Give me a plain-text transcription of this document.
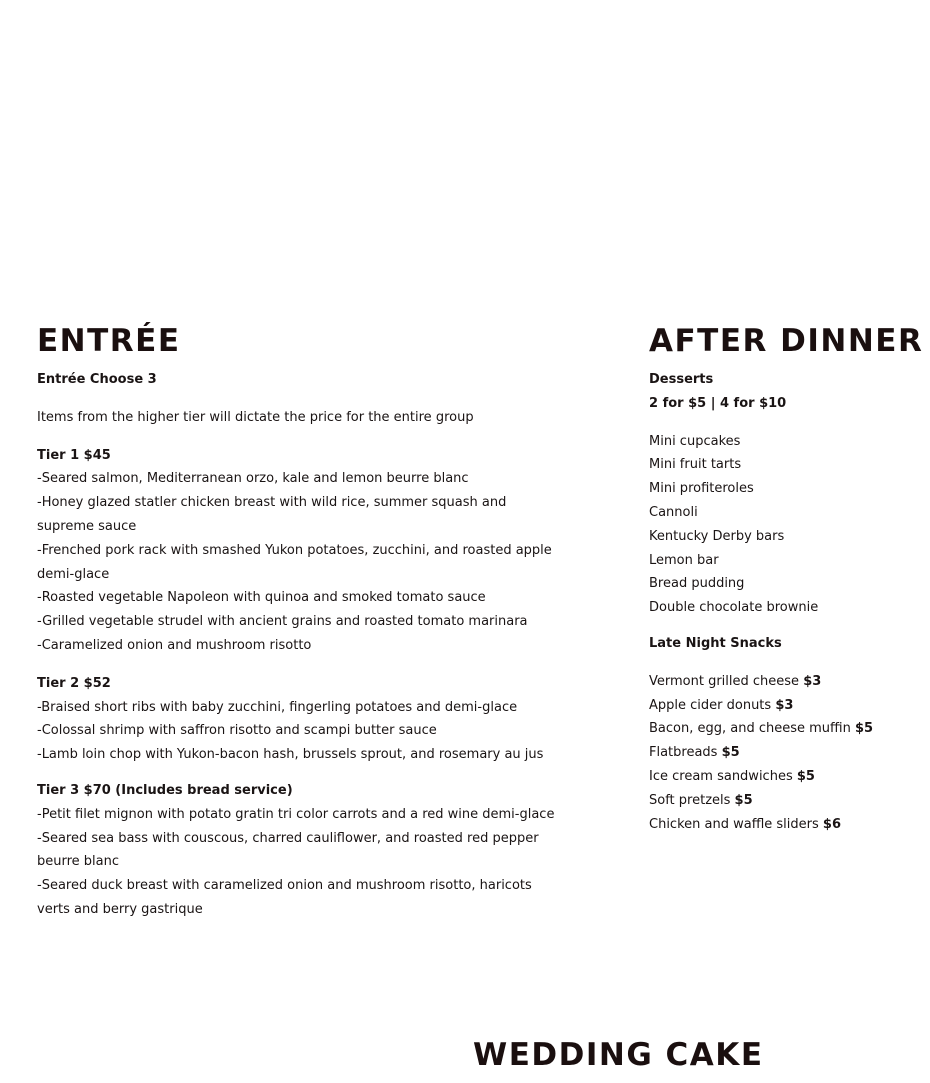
ENTRÉE

Entrée Choose 3

Items from the higher tier will dictate the price for the entire group

Tier 1 $45

-Seared salmon, Mediterranean orzo, kale and lemon beurre blanc

-Honey glazed statler chicken breast with wild rice, summer squash and supreme sauce

-Frenched pork rack with smashed Yukon potatoes, zucchini, and roasted apple demi-glace

-Roasted vegetable Napoleon with quinoa and smoked tomato sauce

-Grilled vegetable strudel with ancient grains and roasted tomato marinara

-Caramelized onion and mushroom risotto

Tier 2 $52

-Braised short ribs with baby zucchini, fingerling potatoes and demi-glace

-Colossal shrimp with saffron risotto and scampi butter sauce

-Lamb loin chop with Yukon-bacon hash, brussels sprout, and rosemary au jus

Tier 3 $70 (Includes bread service)

-Petit filet mignon with potato gratin tri color carrots and a red wine demi-glace

-Seared sea bass with couscous, charred cauliflower, and roasted red pepper beurre blanc

-Seared duck breast with caramelized onion and mushroom risotto, haricots verts and berry gastrique

AFTER DINNER

Desserts

2 for $5 | 4 for $10

Mini cupcakes

Mini fruit tarts

Mini profiteroles

Cannoli

Kentucky Derby bars

Lemon bar

Bread pudding

Double chocolate brownie

Late Night Snacks

Vermont grilled cheese $3

Apple cider donuts $3

Bacon, egg, and cheese muffin $5

Flatbreads $5

Ice cream sandwiches $5

Soft pretzels $5

Chicken and waffle sliders $6

WEDDING CAKE
